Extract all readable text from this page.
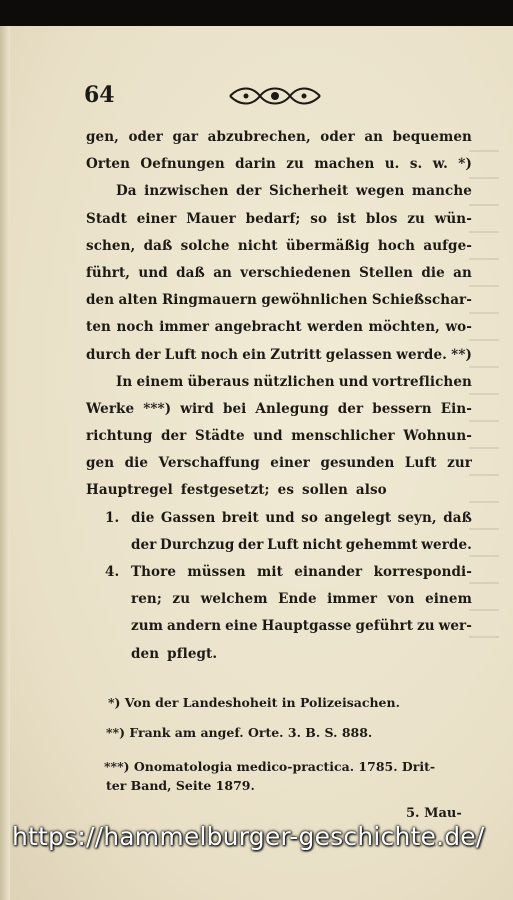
64
gen, oder gar abzubrechen, oder an bequemen
Orten Oefnungen darin zu machen u. s. w. *)
Da inzwischen der Sicherheit wegen manche
Stadt einer Mauer bedarf; so ist blos zu wün-
schen, daß solche nicht übermäßig hoch aufge-
führt, und daß an verschiedenen Stellen die an
den alten Ringmauern gewöhnlichen Schießschar-
ten noch immer angebracht werden möchten, wo-
durch der Luft noch ein Zutritt gelassen werde. **)
In einem überaus nützlichen und vortreflichen
Werke ***) wird bei Anlegung der bessern Ein-
richtung der Städte und menschlicher Wohnun-
gen die Verschaffung einer gesunden Luft zur
Hauptregel festgesetzt; es sollen also
1. die Gassen breit und so angelegt seyn, daß
der Durchzug der Luft nicht gehemmt werde.
4. Thore müssen mit einander korrespondi-
ren; zu welchem Ende immer von einem
zum andern eine Hauptgasse geführt zu wer-
den pflegt.
*) Von der Landeshoheit in Polizeisachen.
**) Frank am angef. Orte. 3. B. S. 888.
***) Onomatologia medico-practica. 1785. Drit-
ter Band, Seite 1879.
5. Mau-
https://hammelburger-geschichte.de/
